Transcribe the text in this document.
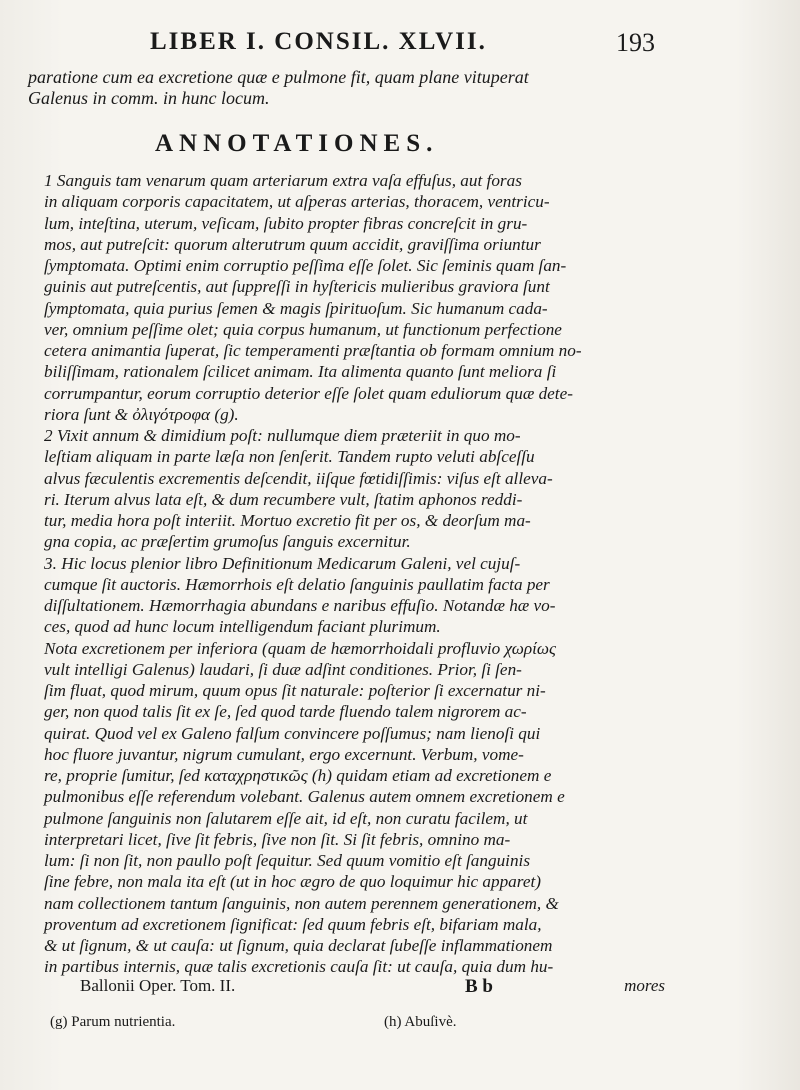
LIBER I. CONSIL. XLVII.	193
paratione cum ea excretione quæ e pulmone fit, quam plane vituperat
Galenus in comm. in hunc locum.
ANNOTATIONES.
1 Sanguis tam venarum quam arteriarum extra vaſa effuſus, aut foras
in aliquam corporis capacitatem, ut aſperas arterias, thoracem, ventricu-
lum, inteſtina, uterum, veſicam, ſubito propter fibras concreſcit in gru-
mos, aut putreſcit: quorum alterutrum quum accidit, graviſſima oriuntur
ſymptomata. Optimi enim corruptio peſſima eſſe ſolet. Sic ſeminis quam ſan-
guinis aut putreſcentis, aut ſuppreſſi in hyſtericis mulieribus graviora ſunt
ſymptomata, quia purius ſemen & magis ſpirituoſum. Sic humanum cada-
ver, omnium peſſime olet; quia corpus humanum, ut functionum perfectione
cetera animantia ſuperat, ſic temperamenti præſtantia ob formam omnium no-
biliſſimam, rationalem ſcilicet animam. Ita alimenta quanto ſunt meliora ſi
corrumpantur, eorum corruptio deterior eſſe ſolet quam eduliorum quæ dete-
riora ſunt & ὀλιγότροφα (g).
2 Vixit annum & dimidium poſt: nullumque diem præteriit in quo mo-
leſtiam aliquam in parte læſa non ſenſerit. Tandem rupto veluti abſceſſu
alvus fæculentis excrementis deſcendit, iiſque fœtidiſſimis: viſus eſt alleva-
ri. Iterum alvus lata eſt, & dum recumbere vult, ſtatim aphonos reddi-
tur, media hora poſt interiit. Mortuo excretio fit per os, & deorſum ma-
gna copia, ac præſertim grumoſus ſanguis excernitur.
3. Hic locus plenior libro Definitionum Medicarum Galeni, vel cujuſ-
cumque ſit auctoris. Hæmorrhois eſt delatio ſanguinis paullatim facta per
diſſultationem. Hæmorrhagia abundans e naribus effuſio. Notandæ hæ vo-
ces, quod ad hunc locum intelligendum faciant plurimum.
Nota excretionem per inferiora (quam de hæmorrhoidali profluvio χωρίως
vult intelligi Galenus) laudari, ſi duæ adſint conditiones. Prior, ſi ſen-
ſim fluat, quod mirum, quum opus ſit naturale: poſterior ſi excernatur ni-
ger, non quod talis ſit ex ſe, ſed quod tarde fluendo talem nigrorem ac-
quirat. Quod vel ex Galeno falſum convincere poſſumus; nam lienoſi qui
hoc fluore juvantur, nigrum cumulant, ergo excernunt. Verbum, vome-
re, proprie ſumitur, ſed καταχρηστικῶς (h) quidam etiam ad excretionem e
pulmonibus eſſe referendum volebant. Galenus autem omnem excretionem e
pulmone ſanguinis non ſalutarem eſſe ait, id eſt, non curatu facilem, ut
interpretari licet, ſive ſit febris, ſive non ſit. Si ſit febris, omnino ma-
lum: ſi non ſit, non paullo poſt ſequitur. Sed quum vomitio eſt ſanguinis
ſine febre, non mala ita eſt (ut in hoc ægro de quo loquimur hic apparet)
nam collectionem tantum ſanguinis, non autem perennem generationem, &
proventum ad excretionem ſignificat: ſed quum febris eſt, bifariam mala,
& ut ſignum, & ut cauſa: ut ſignum, quia declarat ſubeſſe inflammationem
in partibus internis, quæ talis excretionis cauſa ſit: ut cauſa, quia dum hu-
Ballonii Oper. Tom. II.	B b	mores
(g) Parum nutrientia.	(h) Abuſivè.
